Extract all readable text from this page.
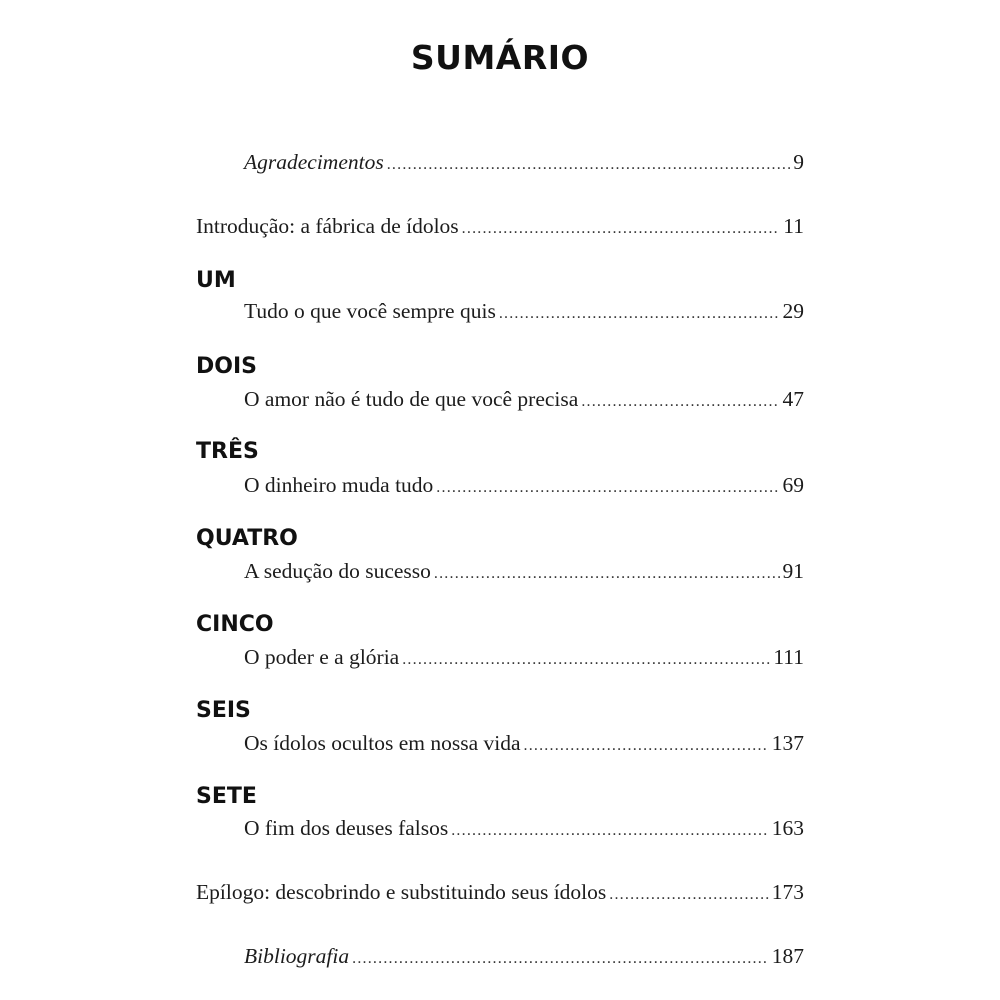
SUMÁRIO
Agradecimentos .....	9
Introdução: a fábrica de ídolos .....	11
UM
Tudo o que você sempre quis .....	29
DOIS
O amor não é tudo de que você precisa .....	47
TRÊS
O dinheiro muda tudo .....	69
QUATRO
A sedução do sucesso .....	91
CINCO
O poder e a glória .....	111
SEIS
Os ídolos ocultos em nossa vida .....	137
SETE
O fim dos deuses falsos .....	163
Epílogo: descobrindo e substituindo seus ídolos .....	173
Bibliografia .....	187
